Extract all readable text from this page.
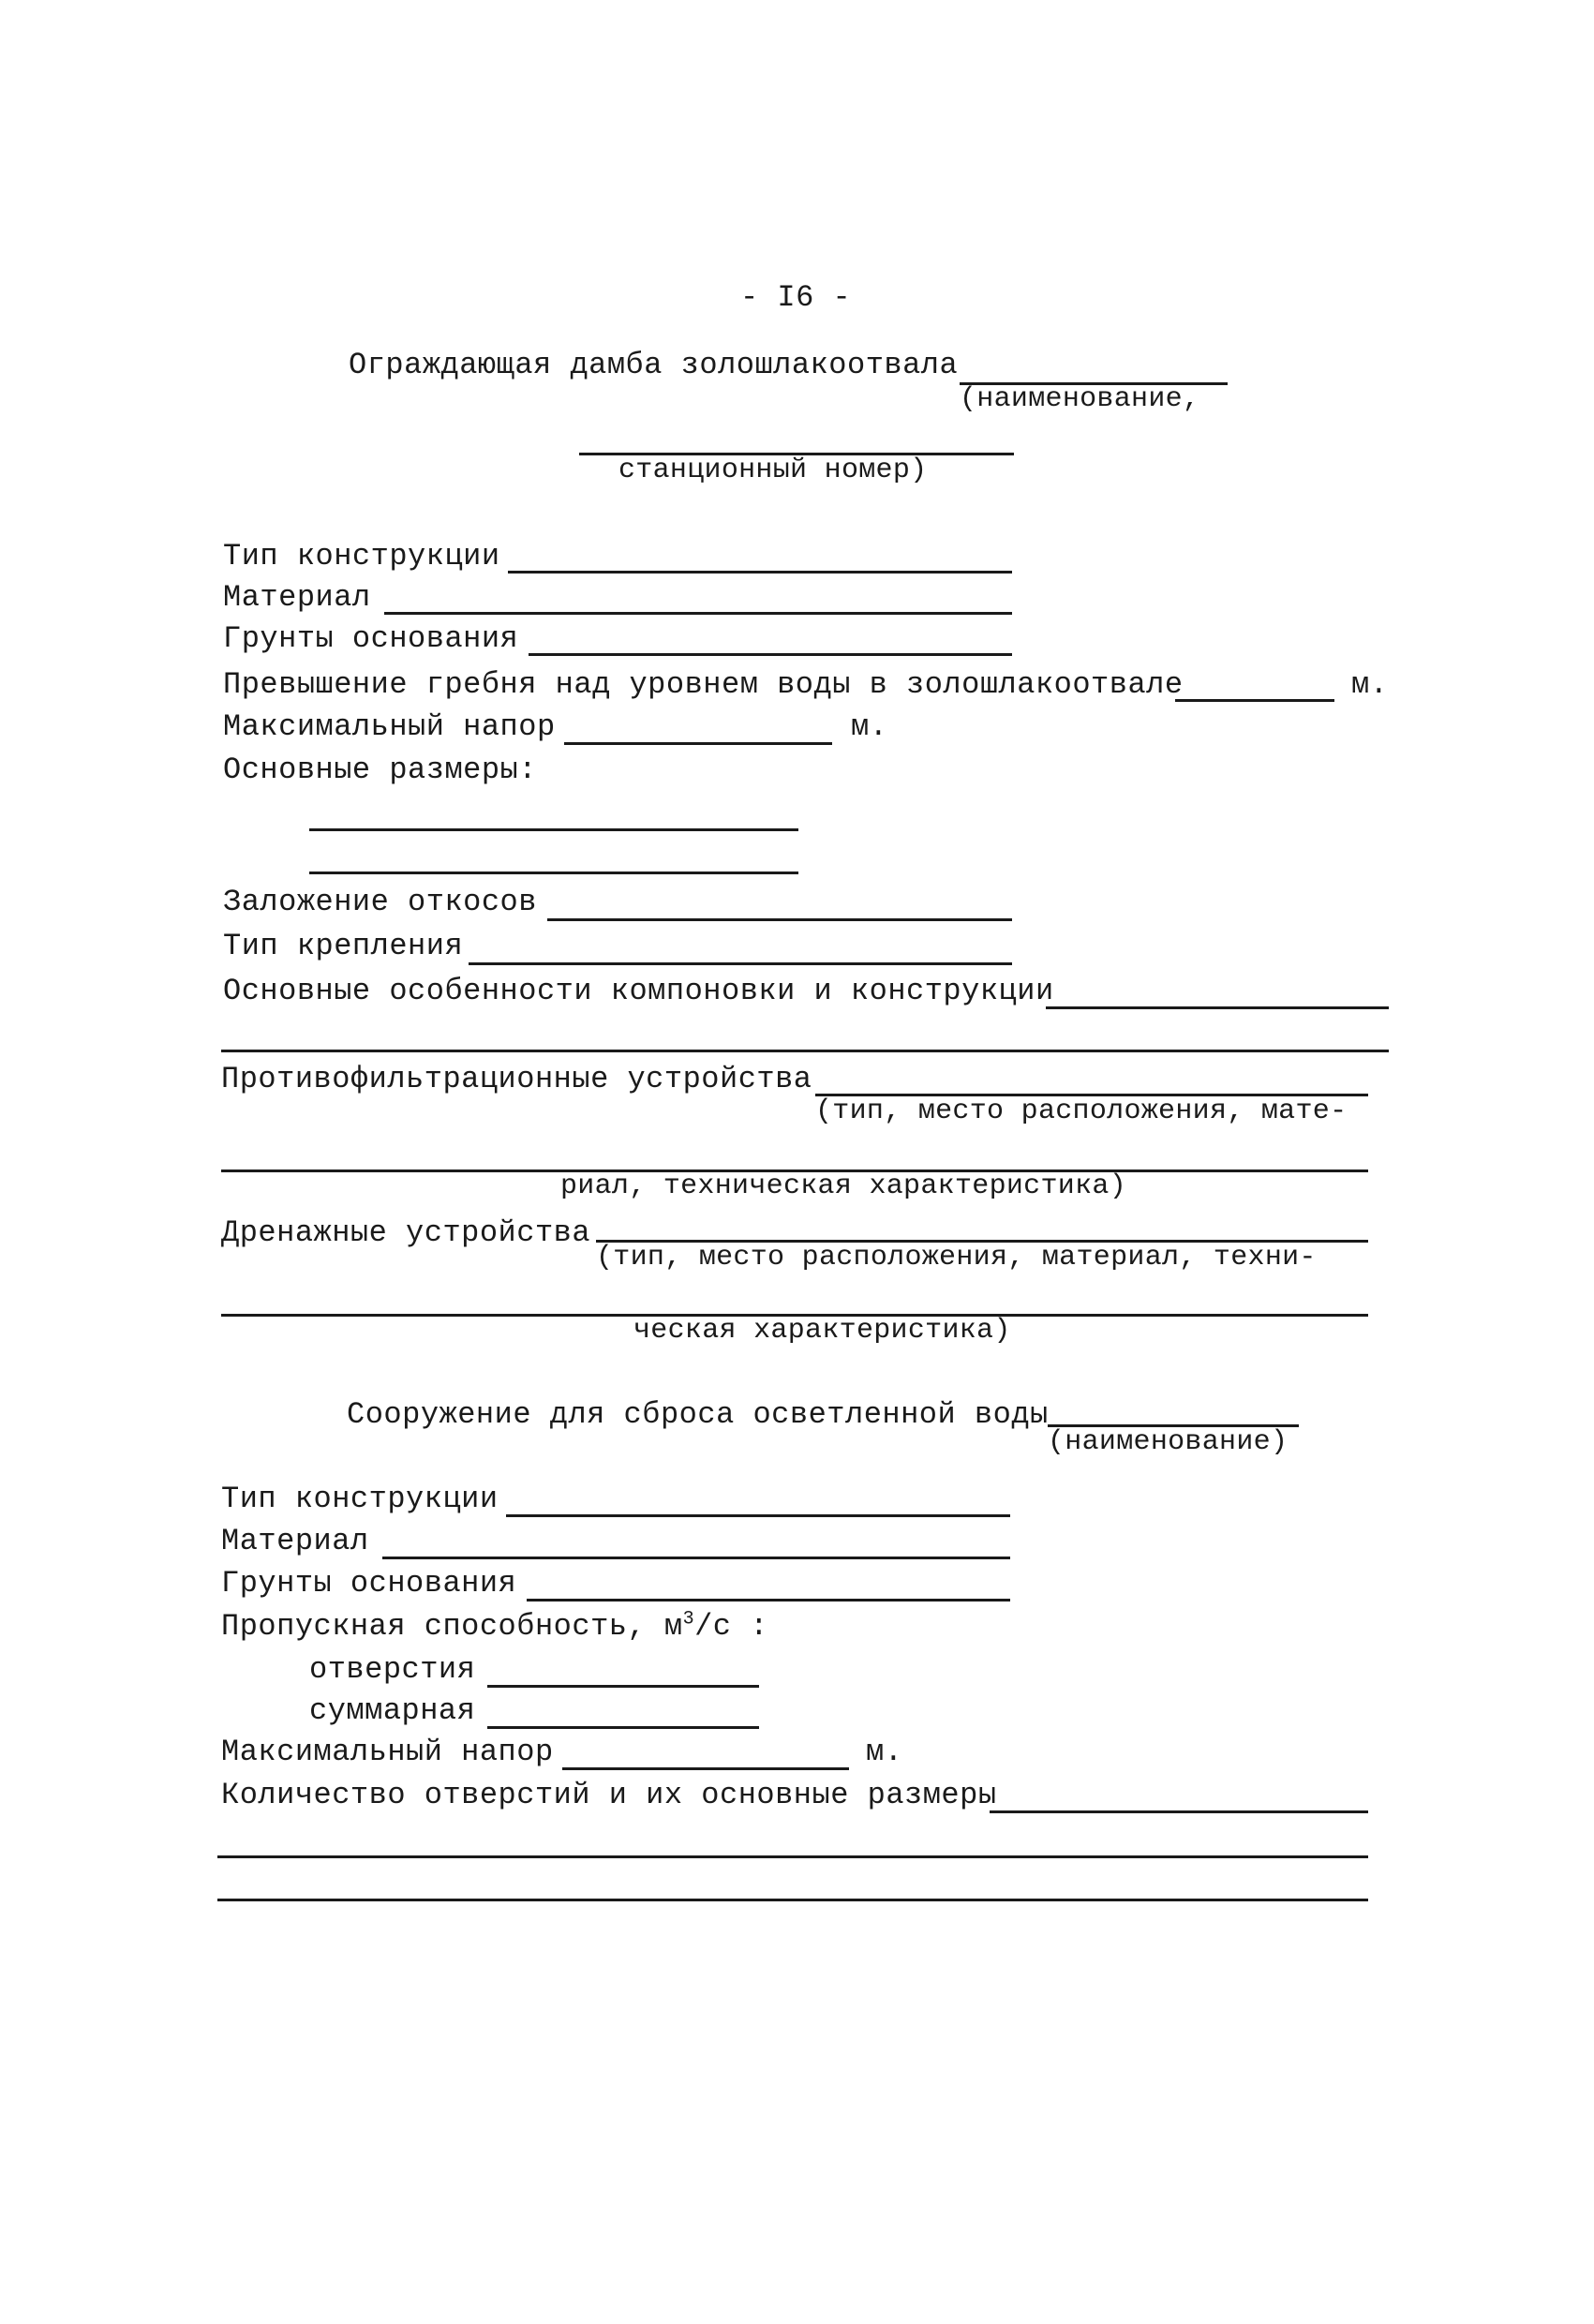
- I6 -
Ограждающая дамба золошлакоотвала
(наименование,
станционный номер)
Тип конструкции
Материал
Грунты основания
Превышение гребня над уровнем воды в золошлакоотвале	м.
Максимальный напор	м.
Основные размеры:
Заложение откосов
Тип крепления
Основные особенности компоновки и конструкции
Противофильтрационные устройства
(тип, место расположения, мате-
риал, техническая характеристика)
Дренажные устройства
(тип, место расположения, материал, техни-
ческая характеристика)
Сооружение для сброса осветленной воды
(наименование)
Тип конструкции
Материал
Грунты основания
Пропускная способность, $м^3/с$ :
отверстия
суммарная
Максимальный напор	м.
Количество отверстий и их основные размеры
